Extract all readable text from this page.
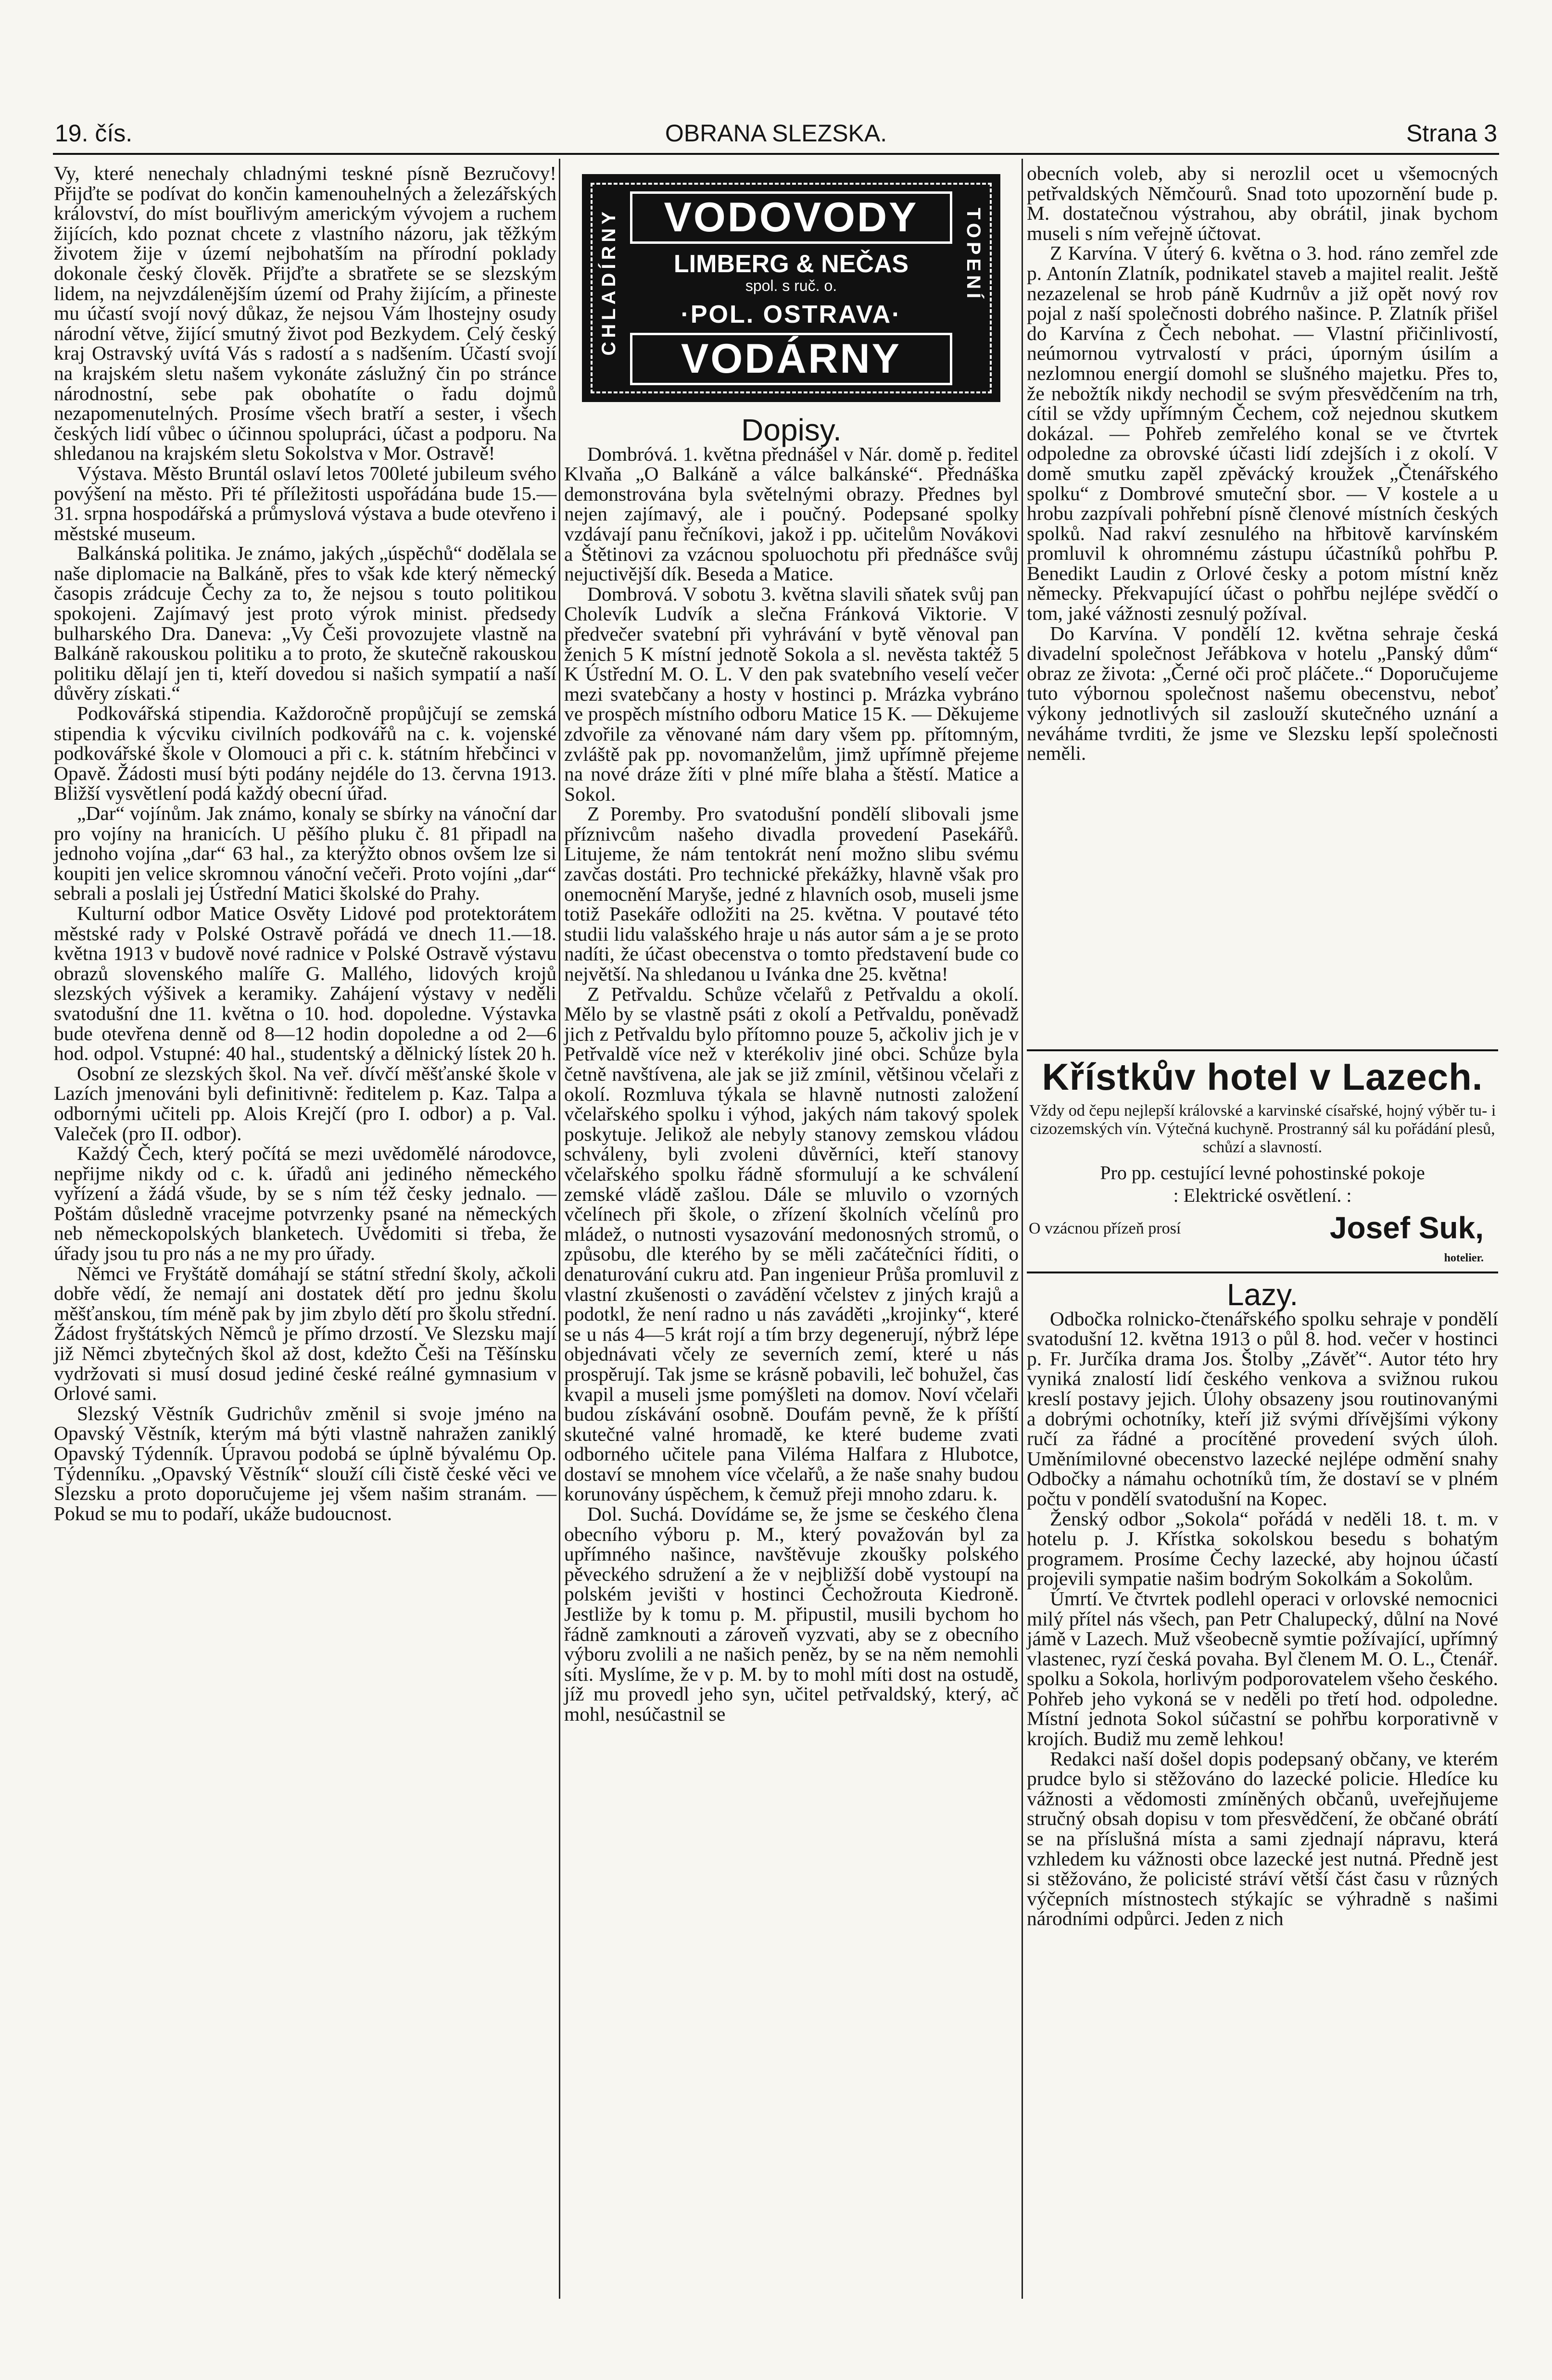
19. čís.	OBRANA SLEZSKA.	Strana 3

Vy, které nenechaly chladnými teskné písně Bezručovy! Přijďte se podívat do končin kamenouhelných a železářských království, do míst bouřlivým americkým vývojem a ruchem žijících, kdo poznat chcete z vlastního názoru, jak těžkým životem žije v území nejbohatším na přírodní poklady dokonale český člověk. Přijďte a sbratřete se se slezským lidem, na nejvzdálenějším území od Prahy žijícím, a přineste mu účastí svojí nový důkaz, že nejsou Vám lhostejny osudy národní větve, žijící smutný život pod Bezkydem. Celý český kraj Ostravský uvítá Vás s radostí a s nadšením. Účastí svojí na krajském sletu našem vykonáte záslužný čin po stránce národnostní, sebe pak obohatíte o řadu dojmů nezapomenutelných. Prosíme všech bratří a sester, i všech českých lidí vůbec o účinnou spolupráci, účast a podporu. Na shledanou na krajském sletu Sokolstva v Mor. Ostravě!

Výstava. Město Bruntál oslaví letos 700leté jubileum svého povýšení na město. Při té příležitosti uspořádána bude 15.—31. srpna hospodářská a průmyslová výstava a bude otevřeno i městské museum.

Balkánská politika. Je známo, jakých „úspěchů“ dodělala se naše diplomacie na Balkáně, přes to však kde který německý časopis zrádcuje Čechy za to, že nejsou s touto politikou spokojeni. Zajímavý jest proto výrok minist. předsedy bulharského Dra. Daneva: „Vy Češi provozujete vlastně na Balkáně rakouskou politiku a to proto, že skutečně rakouskou politiku dělají jen ti, kteří dovedou si našich sympatií a naší důvěry získati.“

Podkovářská stipendia. Každoročně propůjčují se zemská stipendia k výcviku civilních podkovářů na c. k. vojenské podkovářské škole v Olomouci a při c. k. státním hřebčinci v Opavě. Žádosti musí býti podány nejdéle do 13. června 1913. Bližší vysvětlení podá každý obecní úřad.

„Dar“ vojínům. Jak známo, konaly se sbírky na vánoční dar pro vojíny na hranicích. U pěšího pluku č. 81 připadl na jednoho vojína „dar“ 63 hal., za kterýžto obnos ovšem lze si koupiti jen velice skromnou vánoční večeři. Proto vojíni „dar“ sebrali a poslali jej Ústřední Matici školské do Prahy.

Kulturní odbor Matice Osvěty Lidové pod protektorátem městské rady v Polské Ostravě pořádá ve dnech 11.—18. května 1913 v budově nové radnice v Polské Ostravě výstavu obrazů slovenského malíře G. Mallého, lidových krojů slezských výšivek a keramiky. Zahájení výstavy v neděli svatodušní dne 11. května o 10. hod. dopoledne. Výstavka bude otevřena denně od 8—12 hodin dopoledne a od 2—6 hod. odpol. Vstupné: 40 hal., studentský a dělnický lístek 20 h.

Osobní ze slezských škol. Na veř. dívčí měšťanské škole v Lazích jmenováni byli definitivně: ředitelem p. Kaz. Talpa a odbornými učiteli pp. Alois Krejčí (pro I. odbor) a p. Val. Valeček (pro II. odbor).

Každý Čech, který počítá se mezi uvědomělé národovce, nepřijme nikdy od c. k. úřadů ani jediného německého vyřízení a žádá všude, by se s ním též česky jednalo. — Poštám důsledně vracejme potvrzenky psané na německých neb německopolských blanketech. Uvědomiti si třeba, že úřady jsou tu pro nás a ne my pro úřady.

Němci ve Fryštátě domáhají se státní střední školy, ačkoli dobře vědí, že nemají ani dostatek dětí pro jednu školu měšťanskou, tím méně pak by jim zbylo dětí pro školu střední. Žádost fryštátských Němců je přímo drzostí. Ve Slezsku mají již Němci zbytečných škol až dost, kdežto Češi na Těšínsku vydržovati si musí dosud jediné české reálné gymnasium v Orlové sami.

Slezský Věstník Gudrichův změnil si svoje jméno na Opavský Věstník, kterým má býti vlastně nahražen zaniklý Opavský Týdenník. Úpravou podobá se úplně bývalému Op. Týdenníku. „Opavský Věstník“ slouží cíli čistě české věci ve Slezsku a proto doporučujeme jej všem našim stranám. — Pokud se mu to podaří, ukáže budoucnost.

CHLADÍRNY	TOPENÍ
VODOVODY
LIMBERG & NEČAS
spol. s ruč. o.
·POL. OSTRAVA·
VODÁRNY
Dopisy.

Dombróvá. 1. května přednášel v Nár. domě p. ředitel Klvaňa „O Balkáně a válce balkánské“. Přednáška demonstrována byla světelnými obrazy. Přednes byl nejen zajímavý, ale i poučný. Podepsané spolky vzdávají panu řečníkovi, jakož i pp. učitelům Novákovi a Štětinovi za vzácnou spoluochotu při přednášce svůj nejuctivější dík. Beseda a Matice.

Dombrová. V sobotu 3. května slavili sňatek svůj pan Cholevík Ludvík a slečna Fránková Viktorie. V předvečer svatební při vyhrávání v bytě věnoval pan ženich 5 K místní jednotě Sokola a sl. nevěsta taktéž 5 K Ústřední M. O. L. V den pak svatebního veselí večer mezi svatebčany a hosty v hostinci p. Mrázka vybráno ve prospěch místního odboru Matice 15 K. — Děkujeme zdvořile za věnované nám dary všem pp. přítomným, zvláště pak pp. novomanželům, jimž upřímně přejeme na nové dráze žíti v plné míře blaha a štěstí. Matice a Sokol.

Z Poremby. Pro svatodušní pondělí slibovali jsme příznivcům našeho divadla provedení Pasekářů. Litujeme, že nám tentokrát není možno slibu svému zavčas dostáti. Pro technické překážky, hlavně však pro onemocnění Maryše, jedné z hlavních osob, museli jsme totiž Pasekáře odložiti na 25. května. V poutavé této studii lidu valašského hraje u nás autor sám a je se proto nadíti, že účast obecenstva o tomto představení bude co největší. Na shledanou u Ivánka dne 25. května!

Z Petřvaldu. Schůze včelařů z Petřvaldu a okolí. Mělo by se vlastně psáti z okolí a Petřvaldu, poněvadž jich z Petřvaldu bylo přítomno pouze 5, ačkoliv jich je v Petřvaldě více než v kterékoliv jiné obci. Schůze byla četně navštívena, ale jak se již zmínil, většinou včelaři z okolí. Rozmluva týkala se hlavně nutnosti založení včelařského spolku i výhod, jakých nám takový spolek poskytuje. Jelikož ale nebyly stanovy zemskou vládou schváleny, byli zvoleni důvěrníci, kteří stanovy včelařského spolku řádně sformulují a ke schválení zemské vládě zašlou. Dále se mluvilo o vzorných včelínech při škole, o zřízení školních včelínů pro mládež, o nutnosti vysazování medonosných stromů, o způsobu, dle kterého by se měli začátečníci říditi, o denaturování cukru atd. Pan ingenieur Průša promluvil z vlastní zkušenosti o zavádění včelstev z jiných krajů a podotkl, že není radno u nás zaváděti „krojinky“, které se u nás 4—5 krát rojí a tím brzy degenerují, nýbrž lépe objednávati včely ze severních zemí, které u nás prospěrují. Tak jsme se krásně pobavili, leč bohužel, čas kvapil a museli jsme pomýšleti na domov. Noví včelaři budou získávání osobně. Doufám pevně, že k příští skutečné valné hromadě, ke které budeme zvati odborného učitele pana Viléma Halfara z Hlubotce, dostaví se mnohem více včelařů, a že naše snahy budou korunovány úspěchem, k čemuž přeji mnoho zdaru. k.

Dol. Suchá. Dovídáme se, že jsme se českého člena obecního výboru p. M., který považován byl za upřímného našince, navštěvuje zkoušky polského pěveckého sdružení a že v nejbližší době vystoupí na polském jevišti v hostinci Čechožrouta Kiedroně. Jestliže by k tomu p. M. připustil, musili bychom ho řádně zamknouti a zároveň vyzvati, aby se z obecního výboru zvolili a ne našich peněz, by se na něm nemohli síti. Myslíme, že v p. M. by to mohl míti dost na ostudě, jíž mu provedl jeho syn, učitel petřvaldský, který, ač mohl, nesúčastnil se

obecních voleb, aby si nerozlil ocet u všemocných petřvaldských Němčourů. Snad toto upozornění bude p. M. dostatečnou výstrahou, aby obrátil, jinak bychom museli s ním veřejně účtovat.

Z Karvína. V úterý 6. května o 3. hod. ráno zemřel zde p. Antonín Zlatník, podnikatel staveb a majitel realit. Ještě nezazelenal se hrob páně Kudrnův a již opět nový rov pojal z naší společnosti dobrého našince. P. Zlatník přišel do Karvína z Čech nebohat. — Vlastní přičinlivostí, neúmornou vytrvalostí v práci, úporným úsilím a nezlomnou energií domohl se slušného majetku. Přes to, že nebožtík nikdy nechodil se svým přesvědčením na trh, cítil se vždy upřímným Čechem, což nejednou skutkem dokázal. — Pohřeb zemřelého konal se ve čtvrtek odpoledne za obrovské účasti lidí zdejších i z okolí. V domě smutku zapěl zpěvácký kroužek „Čtenářského spolku“ z Dombrové smuteční sbor. — V kostele a u hrobu zazpívali pohřební písně členové místních českých spolků. Nad rakví zesnulého na hřbitově karvínském promluvil k ohromnému zástupu účastníků pohřbu P. Benedikt Laudin z Orlové česky a potom místní kněz německy. Překvapující účast o pohřbu nejlépe svědčí o tom, jaké vážnosti zesnulý požíval.

Do Karvína. V pondělí 12. května sehraje česká divadelní společnost Jeřábkova v hotelu „Panský dům“ obraz ze života: „Černé oči proč pláčete..“ Doporučujeme tuto výbornou společnost našemu obecenstvu, neboť výkony jednotlivých sil zaslouží skutečného uznání a neváháme tvrditi, že jsme ve Slezsku lepší společnosti neměli.

Křístkův hotel v Lazech.
Vždy od čepu nejlepší královské a karvinské císařské, hojný výběr tu- i cizozemských vín. Výtečná kuchyně. Prostranný sál ku pořádání plesů, schůzí a slavností.
Pro pp. cestující levné pohostinské pokoje
: Elektrické osvětlení. :
O vzácnou přízeň prosí	Josef Suk,
hotelier.
Lazy.

Odbočka rolnicko-čtenářského spolku sehraje v pondělí svatodušní 12. května 1913 o půl 8. hod. večer v hostinci p. Fr. Jurčíka drama Jos. Štolby „Závěť“. Autor této hry vyniká znalostí lidí českého venkova a svižnou rukou kreslí postavy jejich. Úlohy obsazeny jsou routinovanými a dobrými ochotníky, kteří již svými dřívějšími výkony ručí za řádné a procítěné provedení svých úloh. Uměnímilovné obecenstvo lazecké nejlépe odmění snahy Odbočky a námahu ochotníků tím, že dostaví se v plném počtu v pondělí svatodušní na Kopec.

Ženský odbor „Sokola“ pořádá v neděli 18. t. m. v hotelu p. J. Křístka sokolskou besedu s bohatým programem. Prosíme Čechy lazecké, aby hojnou účastí projevili sympatie našim bodrým Sokolkám a Sokolům.

Úmrtí. Ve čtvrtek podlehl operaci v orlovské nemocnici milý přítel nás všech, pan Petr Chalupecký, důlní na Nové jámě v Lazech. Muž všeobecně symtie požívající, upřímný vlastenec, ryzí česká povaha. Byl členem M. O. L., Čtenář. spolku a Sokola, horlivým podporovatelem všeho českého. Pohřeb jeho vykoná se v neděli po třetí hod. odpoledne. Místní jednota Sokol súčastní se pohřbu korporativně v krojích. Budiž mu země lehkou!

Redakci naší došel dopis podepsaný občany, ve kterém prudce bylo si stěžováno do lazecké policie. Hledíce ku vážnosti a vědomosti zmíněných občanů, uveřejňujeme stručný obsah dopisu v tom přesvědčení, že občané obrátí se na příslušná místa a sami zjednají nápravu, která vzhledem ku vážnosti obce lazecké jest nutná. Předně jest si stěžováno, že policisté stráví větší část času v různých výčepních místnostech stýkajíc se výhradně s našimi národními odpůrci. Jeden z nich
